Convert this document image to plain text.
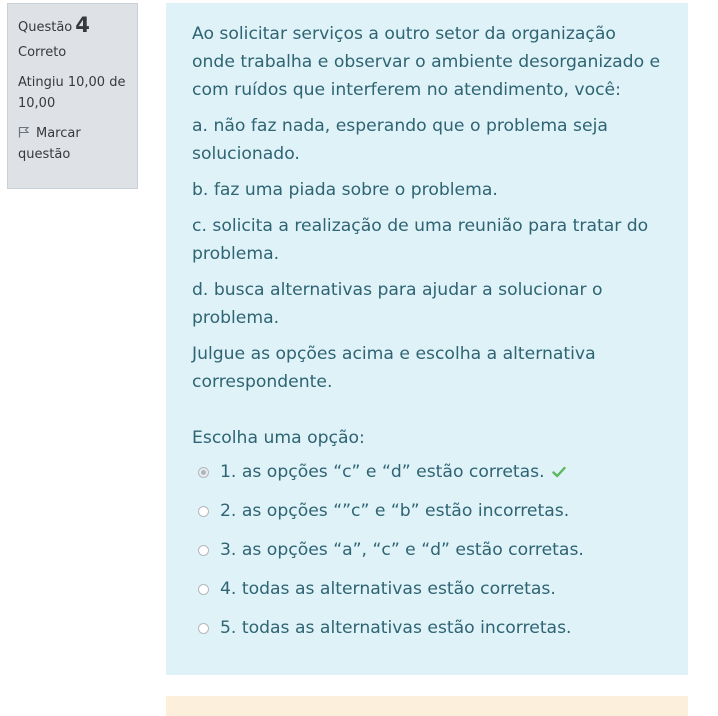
Questão 4
Correto
Atingiu 10,00 de 10,00
Marcar questão

Ao solicitar serviços a outro setor da organização onde trabalha e observar o ambiente desorganizado e com ruídos que interferem no atendimento, você:

a. não faz nada, esperando que o problema seja solucionado.

b. faz uma piada sobre o problema.

c. solicita a realização de uma reunião para tratar do problema.

d. busca alternativas para ajudar a solucionar o problema.

Julgue as opções acima e escolha a alternativa correspondente.

Escolha uma opção:

1. as opções “c” e “d” estão corretas.
2. as opções “”c” e “b” estão incorretas.
3. as opções “a”, “c” e “d” estão corretas.
4. todas as alternativas estão corretas.
5. todas as alternativas estão incorretas.
